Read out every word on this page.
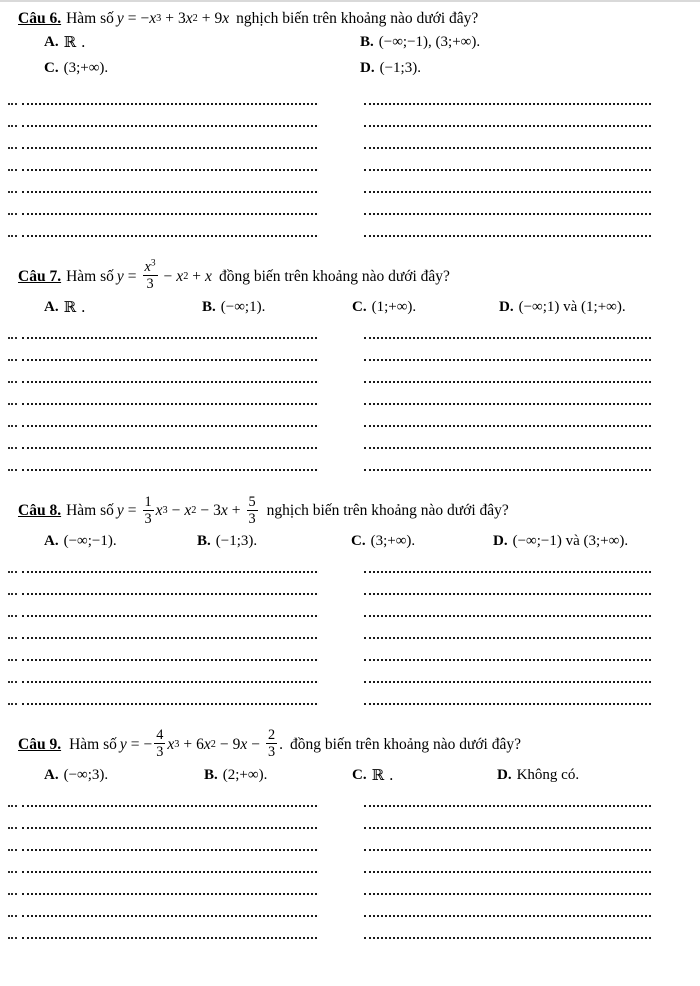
Câu 6. Hàm số y = − x 3 + 3 x 2 + 9 x nghịch biến trên khoảng nào dưới đây?
A. ℝ .	B. (−∞;−1), (3;+∞).
C. (3;+∞).	D. (−1;3).
Câu 7. Hàm số $y = \frac{x^3}{3} - x$ 2 + x đồng biến trên khoảng nào dưới đây?
A. ℝ .	B. (−∞;1).	C. (1;+∞).	D. (−∞;1) và (1;+∞).
Câu 8. Hàm số $y = \frac{1}{3}$ x 3 − x 2 − 3 $x + \frac{5}{3}$ nghịch biến trên khoảng nào dưới đây?
A. (−∞;−1).	B. (−1;3).	C. (3;+∞).	D. (−∞;−1) và (3;+∞).
Câu 9. Hàm số y = − $\frac{4}{3}$ x 3 + 6 x 2 − 9 $x - \frac{2}{3}$ . đồng biến trên khoảng nào dưới đây?
A. (−∞;3).	B. (2;+∞).	C. ℝ .	D. Không có.
